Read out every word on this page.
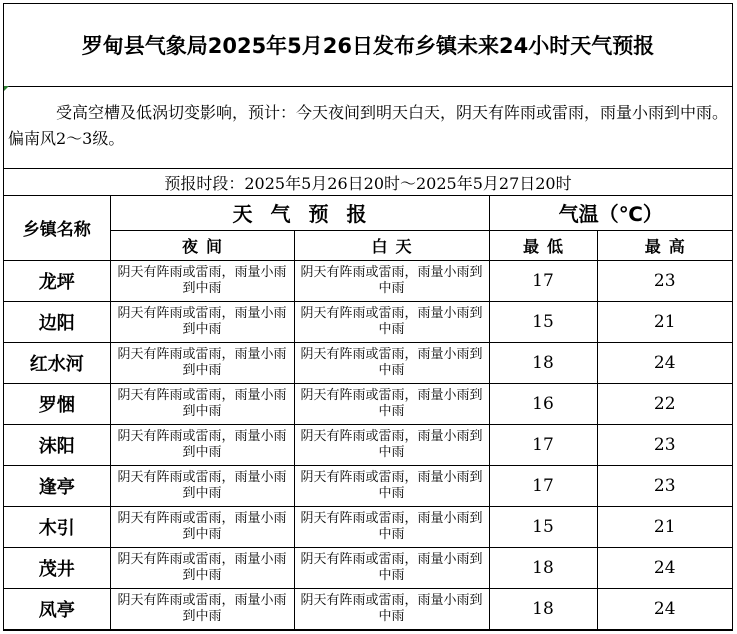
罗甸县气象局2025年5月26日发布乡镇未来24小时天气预报
受高空槽及低涡切变影响，预计：今天夜间到明天白天，阴天有阵雨或雷雨，雨量小雨到中雨。偏南风2～3级。
预报时段：2025年5月26日20时～2025年5月27日20时
乡镇名称	天气预报		气温（℃）	
	夜间	白天	最低	最高
龙坪	阴天有阵雨或雷雨，雨量小雨到中雨	阴天有阵雨或雷雨，雨量小雨到中雨	17	23
边阳	阴天有阵雨或雷雨，雨量小雨到中雨	阴天有阵雨或雷雨，雨量小雨到中雨	15	21
红水河	阴天有阵雨或雷雨，雨量小雨到中雨	阴天有阵雨或雷雨，雨量小雨到中雨	18	24
罗悃	阴天有阵雨或雷雨，雨量小雨到中雨	阴天有阵雨或雷雨，雨量小雨到中雨	16	22
沫阳	阴天有阵雨或雷雨，雨量小雨到中雨	阴天有阵雨或雷雨，雨量小雨到中雨	17	23
逢亭	阴天有阵雨或雷雨，雨量小雨到中雨	阴天有阵雨或雷雨，雨量小雨到中雨	17	23
木引	阴天有阵雨或雷雨，雨量小雨到中雨	阴天有阵雨或雷雨，雨量小雨到中雨	15	21
茂井	阴天有阵雨或雷雨，雨量小雨到中雨	阴天有阵雨或雷雨，雨量小雨到中雨	18	24
凤亭	阴天有阵雨或雷雨，雨量小雨到中雨	阴天有阵雨或雷雨，雨量小雨到中雨	18	24
